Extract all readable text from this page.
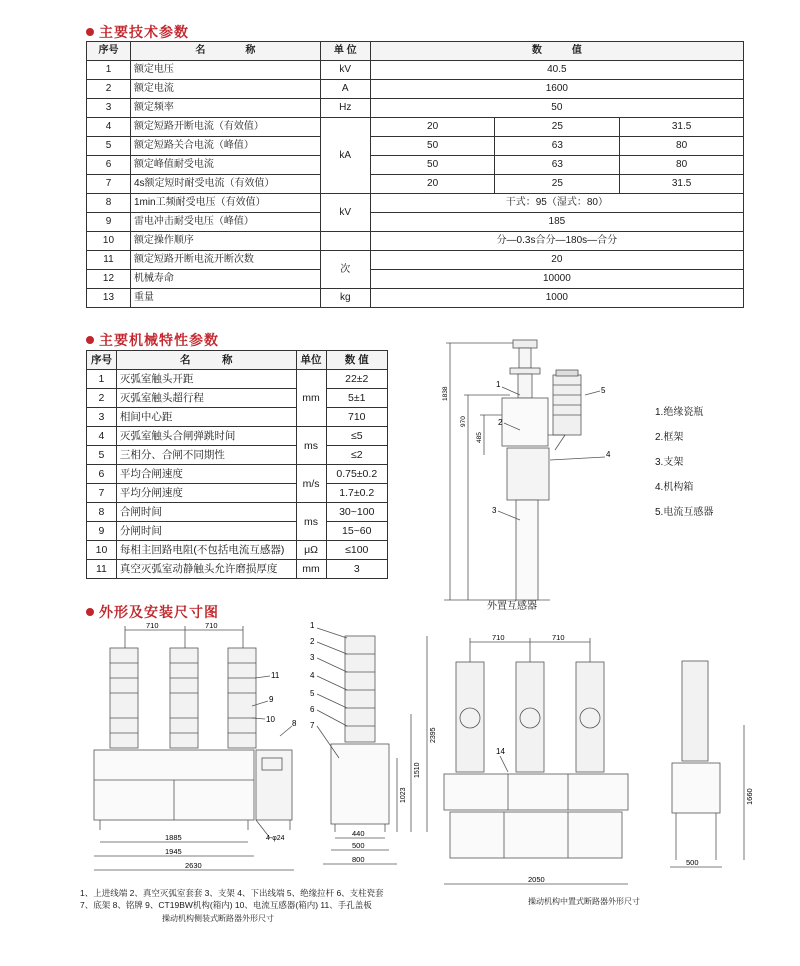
主要技术参数
序号	名　　　　称	单 位	数　　　值		
1	额定电压	kV	40.5		
2	额定电流	A	1600		
3	额定频率	Hz	50		
4	额定短路开断电流（有效值）	kA	20	25	31.5
5	额定短路关合电流（峰值）		50	63	80
6	额定峰值耐受电流		50	63	80
7	4s额定短时耐受电流（有效值）		20	25	31.5
8	1min工频耐受电压（有效值）	kV	干式：95（湿式：80）		
9	雷电冲击耐受电压（峰值）		185		
10	额定操作顺序		分—0.3s合分—180s—合分		
11	额定短路开断电流开断次数	次	20		
12	机械寿命		10000		
13	重量	kg	1000		
主要机械特性参数
序号	名　　　称	单位	数 值
1	灭弧室触头开距	mm	22±2
2	灭弧室触头超行程		5±1
3	相间中心距		710
4	灭弧室触头合闸弹跳时间	ms	≤5
5	三相分、合闸不同期性		≤2
6	平均合闸速度	m/s	0.75±0.2
7	平均分闸速度		1.7±0.2
8	合闸时间	ms	30~100
9	分闸时间		15~60
10	每相主回路电阻(不包括电流互感器)	μΩ	≤100
11	真空灭弧室动静触头允许磨损厚度	mm	3
1838
970
485
1
2
3
4
5
外置互感器
1.绝缘瓷瓶
2.框架
3.支架
4.机构箱
5.电流互感器
外形及安装尺寸图
710	710
1885
1945
2630
4-φ24
11
9
10 8
1
2
3
4
5
6
7
2395
1510
1023
440
500
800
710	710
2050
14
1660
500
1、上进线端 2、真空灭弧室套套 3、支架 4、下出线端 5、绝缘拉杆 6、支柱瓷套
7、底架 8、铭牌 9、CT19BW机构(箱内) 10、电流互感器(箱内) 11、手孔盖板
操动机构侧装式断路器外形尺寸
操动机构中置式断路器外形尺寸
